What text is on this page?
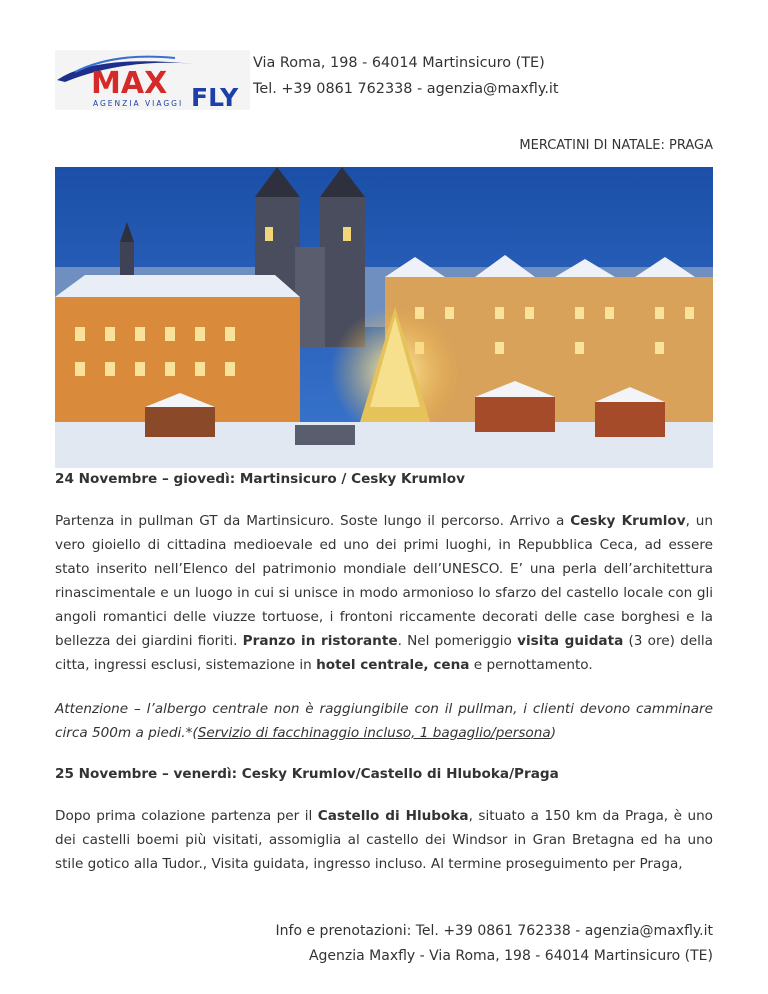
MAX FLY
AGENZIA VIAGGI
Via Roma, 198 - 64014 Martinsicuro (TE)
Tel. +39 0861 762338 - agenzia@maxfly.it
MERCATINI DI NATALE: PRAGA

24 Novembre – giovedì: Martinsicuro / Cesky Krumlov

Partenza in pullman GT da Martinsicuro. Soste lungo il percorso. Arrivo a Cesky Krumlov, un vero gioiello di cittadina medioevale ed uno dei primi luoghi, in Repubblica Ceca, ad essere stato inserito nell’Elenco del patrimonio mondiale dell’UNESCO. E’ una perla dell’architettura rinascimentale e un luogo in cui si unisce in modo armonioso lo sfarzo del castello locale con gli angoli romantici delle viuzze tortuose, i frontoni riccamente decorati delle case borghesi e la bellezza dei giardini fioriti. Pranzo in ristorante. Nel pomeriggio visita guidata (3 ore) della citta, ingressi esclusi, sistemazione in hotel centrale, cena e pernottamento.

Attenzione – l’albergo centrale non è raggiungibile con il pullman, i clienti devono camminare circa 500m a piedi.*(Servizio di facchinaggio incluso, 1 bagaglio/persona)

25 Novembre – venerdì: Cesky Krumlov/Castello di Hluboka/Praga

Dopo prima colazione partenza per il Castello di Hluboka, situato a 150 km da Praga, è uno dei castelli boemi più visitati, assomiglia al castello dei Windsor in Gran Bretagna ed ha uno stile gotico alla Tudor., Visita guidata, ingresso incluso. Al termine proseguimento per Praga,

Info e prenotazioni: Tel. +39 0861 762338 - agenzia@maxfly.it
Agenzia Maxfly - Via Roma, 198 - 64014 Martinsicuro (TE)
